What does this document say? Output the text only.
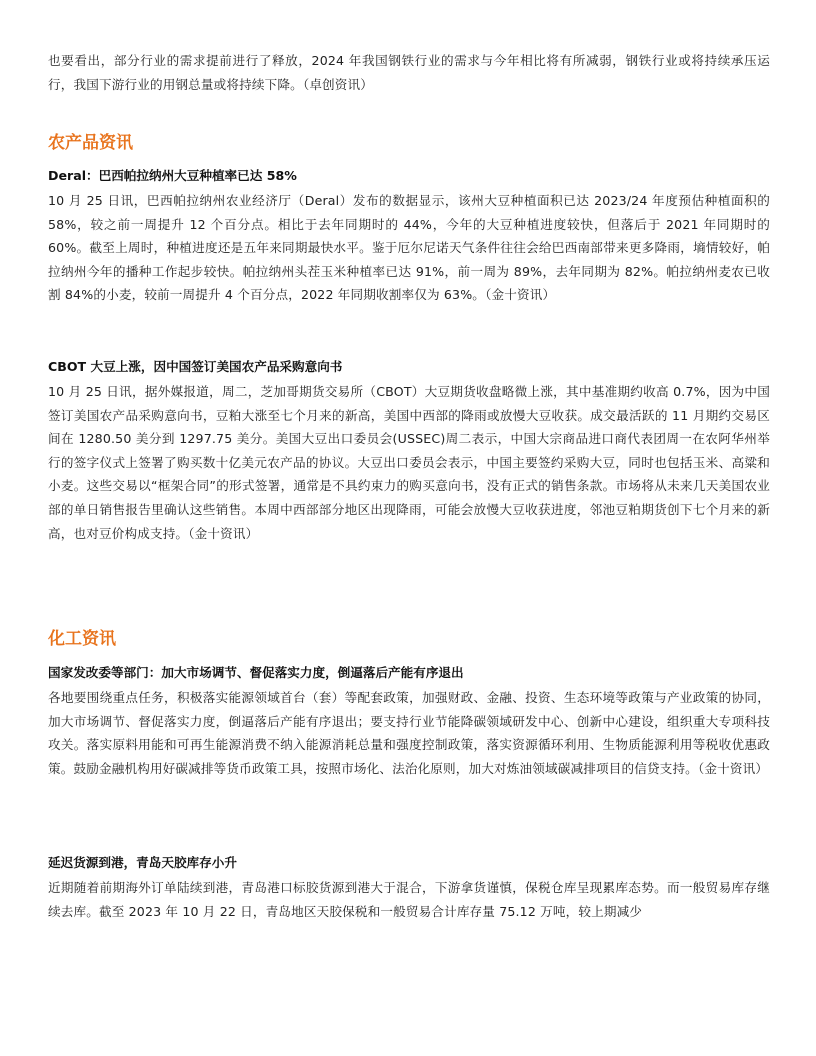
也要看出，部分行业的需求提前进行了释放，2024 年我国钢铁行业的需求与今年相比将有所减弱，钢铁行业或将持续承压运行，我国下游行业的用钢总量或将持续下降。（卓创资讯）

农产品资讯
Deral：巴西帕拉纳州大豆种植率已达 58%

10 月 25 日讯，巴西帕拉纳州农业经济厅（Deral）发布的数据显示，该州大豆种植面积已达 2023/24 年度预估种植面积的 58%，较之前一周提升 12 个百分点。相比于去年同期时的 44%，今年的大豆种植进度较快，但落后于 2021 年同期时的 60%。截至上周时，种植进度还是五年来同期最快水平。鉴于厄尔尼诺天气条件往往会给巴西南部带来更多降雨，墒情较好，帕拉纳州今年的播种工作起步较快。帕拉纳州头茬玉米种植率已达 91%，前一周为 89%，去年同期为 82%。帕拉纳州麦农已收割 84%的小麦，较前一周提升 4 个百分点，2022 年同期收割率仅为 63%。（金十资讯）

CBOT 大豆上涨，因中国签订美国农产品采购意向书

10 月 25 日讯，据外媒报道，周二，芝加哥期货交易所（CBOT）大豆期货收盘略微上涨，其中基准期约收高 0.7%，因为中国签订美国农产品采购意向书，豆粕大涨至七个月来的新高，美国中西部的降雨或放慢大豆收获。成交最活跃的 11 月期约交易区间在 1280.50 美分到 1297.75 美分。美国大豆出口委员会(USSEC)周二表示，中国大宗商品进口商代表团周一在农阿华州举行的签字仪式上签署了购买数十亿美元农产品的协议。大豆出口委员会表示，中国主要签约采购大豆，同时也包括玉米、高粱和小麦。这些交易以“框架合同”的形式签署，通常是不具约束力的购买意向书，没有正式的销售条款。市场将从未来几天美国农业部的单日销售报告里确认这些销售。本周中西部部分地区出现降雨，可能会放慢大豆收获进度，邻池豆粕期货创下七个月来的新高，也对豆价构成支持。（金十资讯）

化工资讯
国家发改委等部门：加大市场调节、督促落实力度，倒逼落后产能有序退出

各地要围绕重点任务，积极落实能源领域首台（套）等配套政策，加强财政、金融、投资、生态环境等政策与产业政策的协同，加大市场调节、督促落实力度，倒逼落后产能有序退出；要支持行业节能降碳领域研发中心、创新中心建设，组织重大专项科技攻关。落实原料用能和可再生能源消费不纳入能源消耗总量和强度控制政策，落实资源循环利用、生物质能源利用等税收优惠政策。鼓励金融机构用好碳减排等货币政策工具，按照市场化、法治化原则，加大对炼油领域碳减排项目的信贷支持。（金十资讯）

延迟货源到港，青岛天胶库存小升

近期随着前期海外订单陆续到港，青岛港口标胶货源到港大于混合，下游拿货谨慎，保税仓库呈现累库态势。而一般贸易库存继续去库。截至 2023 年 10 月 22 日，青岛地区天胶保税和一般贸易合计库存量 75.12 万吨，较上期减少
